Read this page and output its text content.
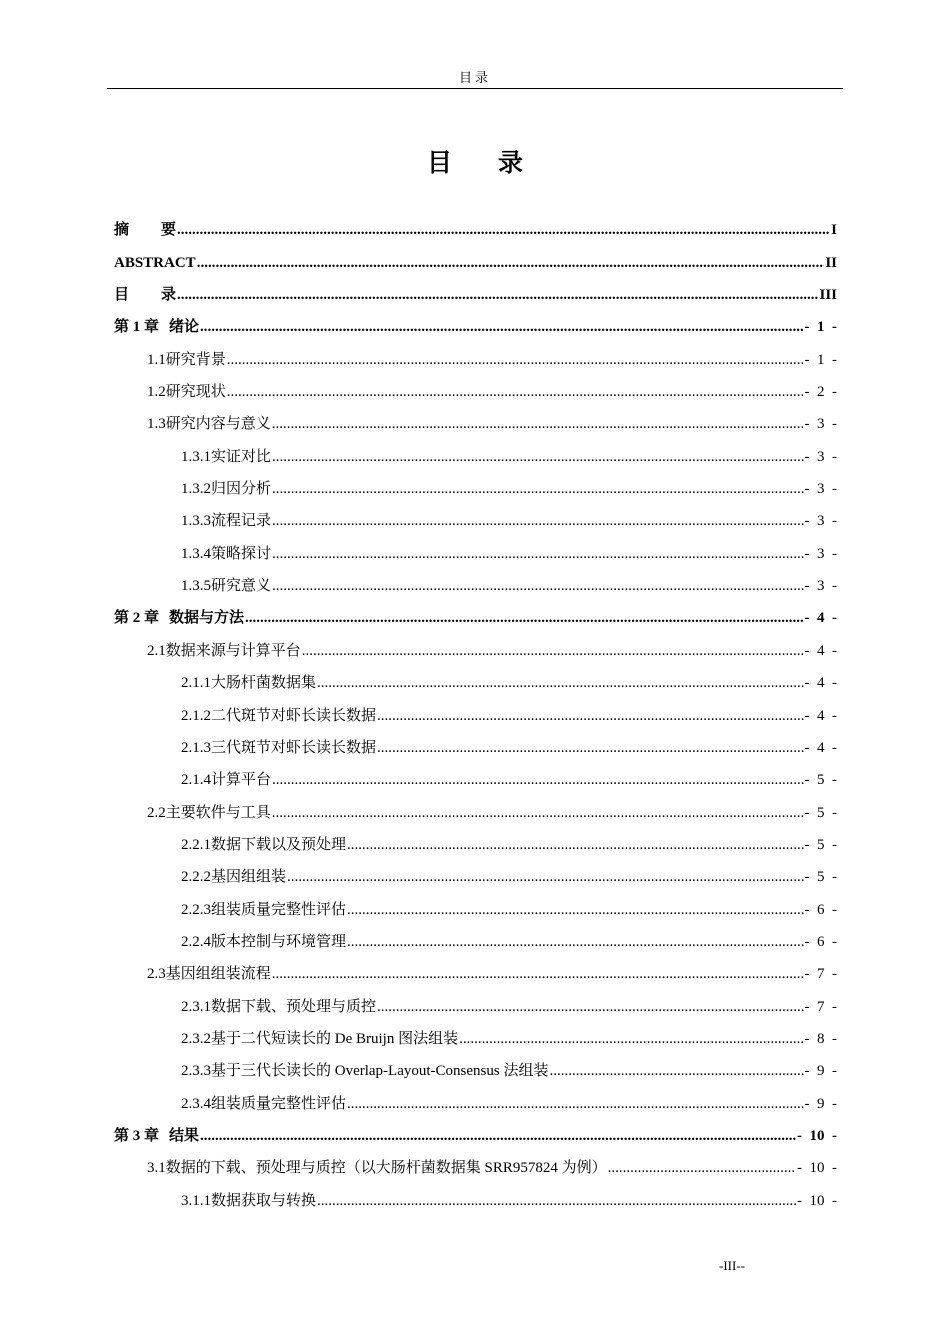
目录
目 录
摘 要 .....	I
ABSTRACT .....	II
目 录 .....	III
第 1 章 绪论 .....	-  1  -
1.1 研究背景 .....	-  1  -
1.2 研究现状 .....	-  2  -
1.3 研究内容与意义 .....	-  3  -
1.3.1 实证对比 .....	-  3  -
1.3.2 归因分析 .....	-  3  -
1.3.3 流程记录 .....	-  3  -
1.3.4 策略探讨 .....	-  3  -
1.3.5 研究意义 .....	-  3  -
第 2 章 数据与方法 .....	-  4  -
2.1 数据来源与计算平台 .....	-  4  -
2.1.1 大肠杆菌数据集 .....	-  4  -
2.1.2 二代斑节对虾长读长数据 .....	-  4  -
2.1.3 三代斑节对虾长读长数据 .....	-  4  -
2.1.4 计算平台 .....	-  5  -
2.2 主要软件与工具 .....	-  5  -
2.2.1 数据下载以及预处理 .....	-  5  -
2.2.2 基因组组装 .....	-  5  -
2.2.3 组装质量完整性评估 .....	-  6  -
2.2.4 版本控制与环境管理 .....	-  6  -
2.3 基因组组装流程 .....	-  7  -
2.3.1 数据下载、预处理与质控 .....	-  7  -
2.3.2 基于二代短读长的 De Bruijn 图法组装 .....	-  8  -
2.3.3 基于三代长读长的 Overlap-Layout-Consensus 法组装 .....	-  9  -
2.3.4 组装质量完整性评估 .....	-  9  -
第 3 章 结果 .....	-  10  -
3.1 数据的下载、预处理与质控（以大肠杆菌数据集 SRR957824 为例） .....	-  10  -
3.1.1 数据获取与转换 .....	-  10  -
-III--
